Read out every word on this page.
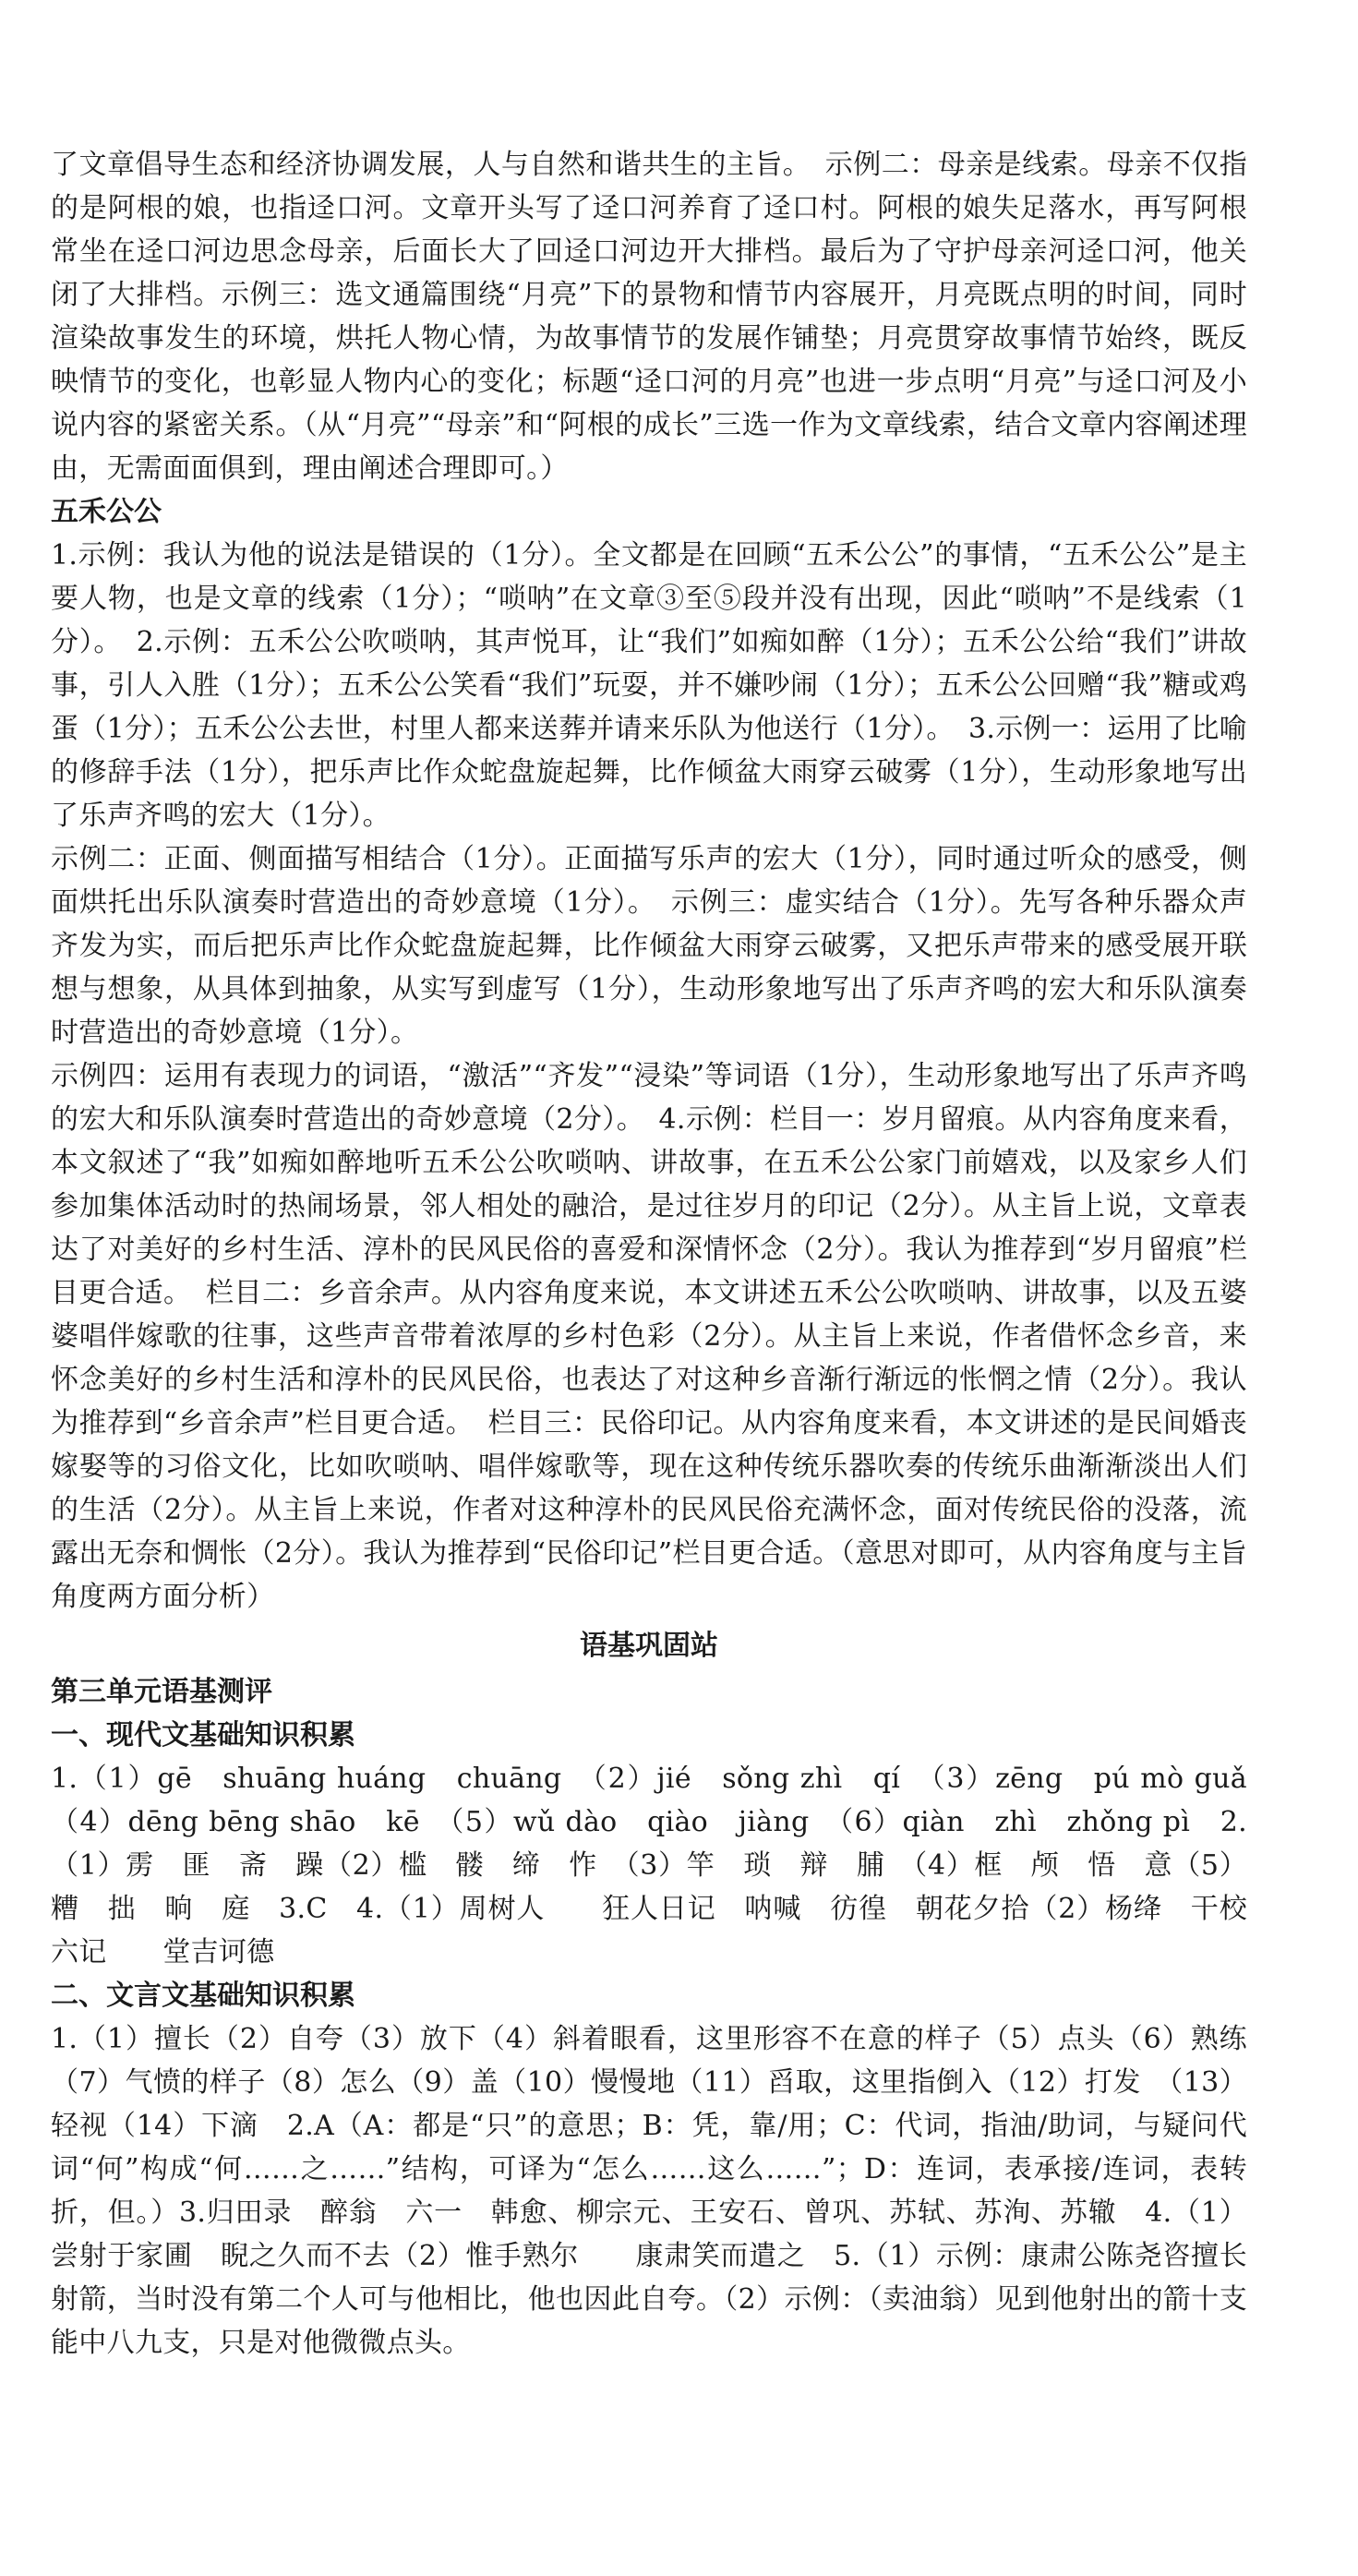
了文章倡导生态和经济协调发展，人与自然和谐共生的主旨。　示例二：母亲是线索。母亲不仅指的是阿根的娘，也指迳口河。文章开头写了迳口河养育了迳口村。阿根的娘失足落水，再写阿根常坐在迳口河边思念母亲，后面长大了回迳口河边开大排档。最后为了守护母亲河迳口河，他关闭了大排档。示例三：选文通篇围绕“月亮”下的景物和情节内容展开，月亮既点明的时间，同时渲染故事发生的环境，烘托人物心情，为故事情节的发展作铺垫；月亮贯穿故事情节始终，既反映情节的变化，也彰显人物内心的变化；标题“迳口河的月亮”也进一步点明“月亮”与迳口河及小说内容的紧密关系。（从“月亮”“母亲”和“阿根的成长”三选一作为文章线索，结合文章内容阐述理由，无需面面俱到，理由阐述合理即可。）

五禾公公

1.示例：我认为他的说法是错误的（1分）。全文都是在回顾“五禾公公”的事情，“五禾公公”是主要人物，也是文章的线索（1分）；“唢呐”在文章③至⑤段并没有出现，因此“唢呐”不是线索（1分）。　2.示例：五禾公公吹唢呐，其声悦耳，让“我们”如痴如醉（1分）；五禾公公给“我们”讲故事，引人入胜（1分）；五禾公公笑看“我们”玩耍，并不嫌吵闹（1分）；五禾公公回赠“我”糖或鸡蛋（1分）；五禾公公去世，村里人都来送葬并请来乐队为他送行（1分）。　3.示例一：运用了比喻的修辞手法（1分），把乐声比作众蛇盘旋起舞，比作倾盆大雨穿云破雾（1分），生动形象地写出了乐声齐鸣的宏大（1分）。

示例二：正面、侧面描写相结合（1分）。正面描写乐声的宏大（1分），同时通过听众的感受，侧面烘托出乐队演奏时营造出的奇妙意境（1分）。　示例三：虚实结合（1分）。先写各种乐器众声齐发为实，而后把乐声比作众蛇盘旋起舞，比作倾盆大雨穿云破雾，又把乐声带来的感受展开联想与想象，从具体到抽象，从实写到虚写（1分），生动形象地写出了乐声齐鸣的宏大和乐队演奏时营造出的奇妙意境（1分）。

示例四：运用有表现力的词语，“激活”“齐发”“浸染”等词语（1分），生动形象地写出了乐声齐鸣的宏大和乐队演奏时营造出的奇妙意境（2分）。　4.示例：栏目一：岁月留痕。从内容角度来看，本文叙述了“我”如痴如醉地听五禾公公吹唢呐、讲故事，在五禾公公家门前嬉戏，以及家乡人们参加集体活动时的热闹场景，邻人相处的融洽，是过往岁月的印记（2分）。从主旨上说，文章表达了对美好的乡村生活、淳朴的民风民俗的喜爱和深情怀念（2分）。我认为推荐到“岁月留痕”栏目更合适。　栏目二：乡音余声。从内容角度来说，本文讲述五禾公公吹唢呐、讲故事，以及五婆婆唱伴嫁歌的往事，这些声音带着浓厚的乡村色彩（2分）。从主旨上来说，作者借怀念乡音，来怀念美好的乡村生活和淳朴的民风民俗，也表达了对这种乡音渐行渐远的怅惘之情（2分）。我认为推荐到“乡音余声”栏目更合适。　栏目三：民俗印记。从内容角度来看，本文讲述的是民间婚丧嫁娶等的习俗文化，比如吹唢呐、唱伴嫁歌等，现在这种传统乐器吹奏的传统乐曲渐渐淡出人们的生活（2分）。从主旨上来说，作者对这种淳朴的民风民俗充满怀念，面对传统民俗的没落，流露出无奈和惆怅（2分）。我认为推荐到“民俗印记”栏目更合适。（意思对即可，从内容角度与主旨角度两方面分析）

语基巩固站

第三单元语基测评

一、现代文基础知识积累

1.（1）gē　shuāng huáng　chuāng　（2）jié　sǒng zhì　qí　（3）zēng　pú mò guǎ（4）dēng bēng shāo　kē　（5）wǔ dào　qiào　jiàng　（6）qiàn　zhì　zhǒng pì　2.（1）雳　匪　斋　躁（2）槛　髅　缔　怍　（3）竿　琐　辩　脯　（4）框　颅　悟　意（5）糟　拙　晌　庭　3.C　4.（1）周树人　　狂人日记　呐喊　彷徨　朝花夕拾（2）杨绛　干校六记　　堂吉诃德

二、文言文基础知识积累

1.（1）擅长（2）自夸（3）放下（4）斜着眼看，这里形容不在意的样子（5）点头（6）熟练（7）气愤的样子（8）怎么（9）盖（10）慢慢地（11）舀取，这里指倒入（12）打发　（13）轻视（14）下滴　2.A（A：都是“只”的意思；B：凭，靠/用；C：代词，指油/助词，与疑问代词“何”构成“何……之……”结构，可译为“怎么……这么……”；D：连词，表承接/连词，表转折，但。）3.归田录　醉翁　六一　韩愈、柳宗元、王安石、曾巩、苏轼、苏洵、苏辙　4.（1）尝射于家圃　睨之久而不去（2）惟手熟尔　　康肃笑而遣之　5.（1）示例：康肃公陈尧咨擅长射箭，当时没有第二个人可与他相比，他也因此自夸。（2）示例：（卖油翁）见到他射出的箭十支能中八九支，只是对他微微点头。
